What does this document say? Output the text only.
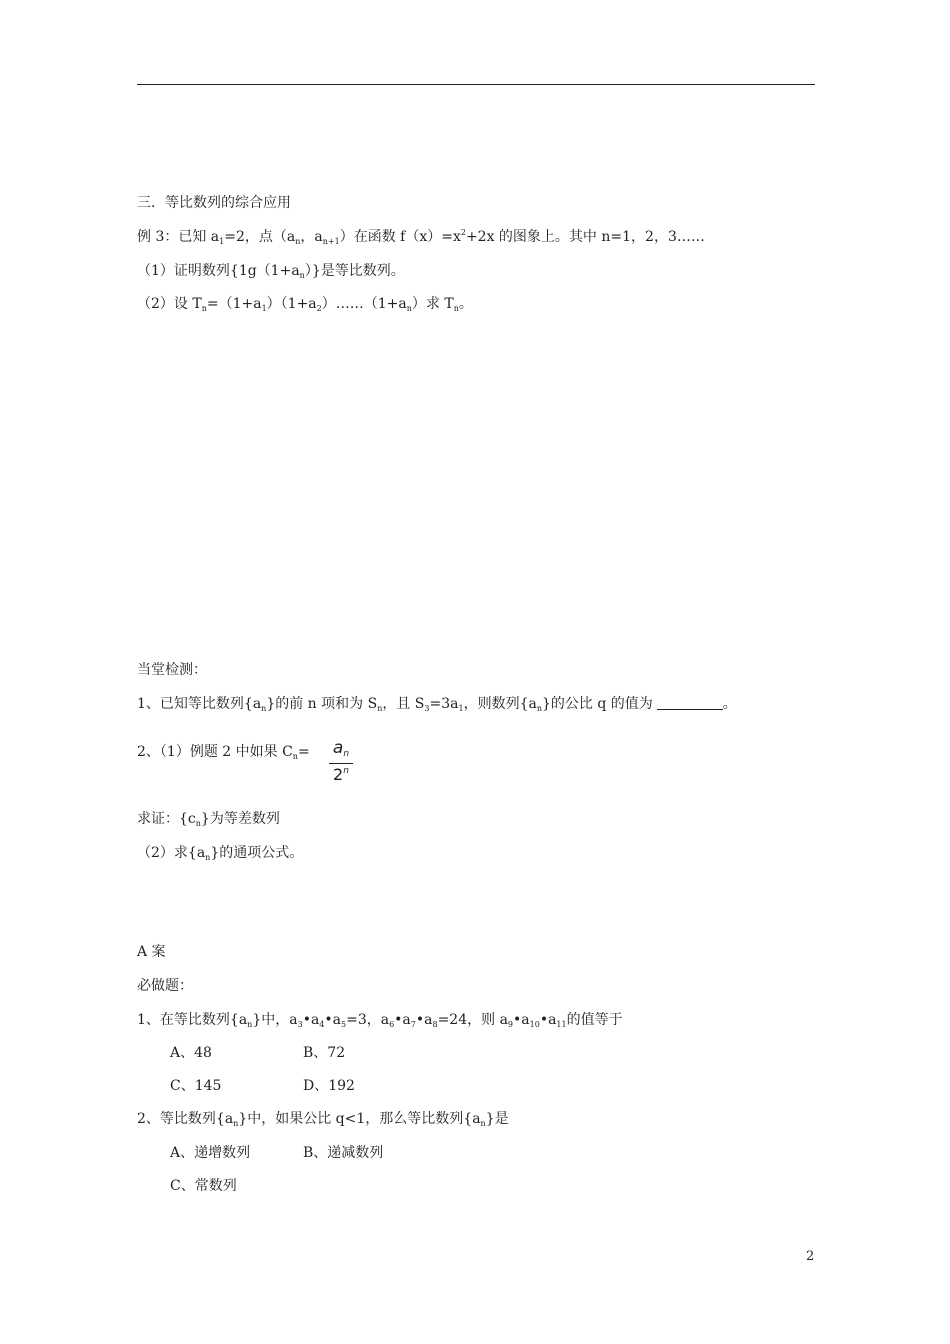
三．等比数列的综合应用
例 3：已知 $a_1=2$，点（$a_n$，$a_{n+1}$）在函数 $f(x)=x^2+2x$ 的图象上。其中 n=1，2，3……
（1）证明数列$\{1g(1+a_n)\}$是等比数列。
（2）设 $T_n=(1+a_1)(1+a_2)\dots\dots(1+a_n)$求 $T_n$。
当堂检测：
1、已知等比数列$\{a_n\}$的前 n 项和为 $S_n$，且 $S_3=3a_1$，则数列$\{a_n\}$的公比 q 的值为	。
2、（1）例题 2 中如果 $C_n= a_n$
2$^n$
求证：$\{c_n\}$为等差数列
（2）求$\{a_n\}$的通项公式。
A 案
必做题：
1、在等比数列$\{a_n\}$中，$a_3•a_4•a_5=3$，$a_6•a_7•a_8=24$，则 $a_9•a_{10}•a_{11}$的值等于
A、48	B、72
C、145	D、192
2、等比数列$\{a_n\}$中，如果公比 q<1，那么等比数列$\{a_n\}$是
A、递增数列	B、递减数列
C、常数列
2
